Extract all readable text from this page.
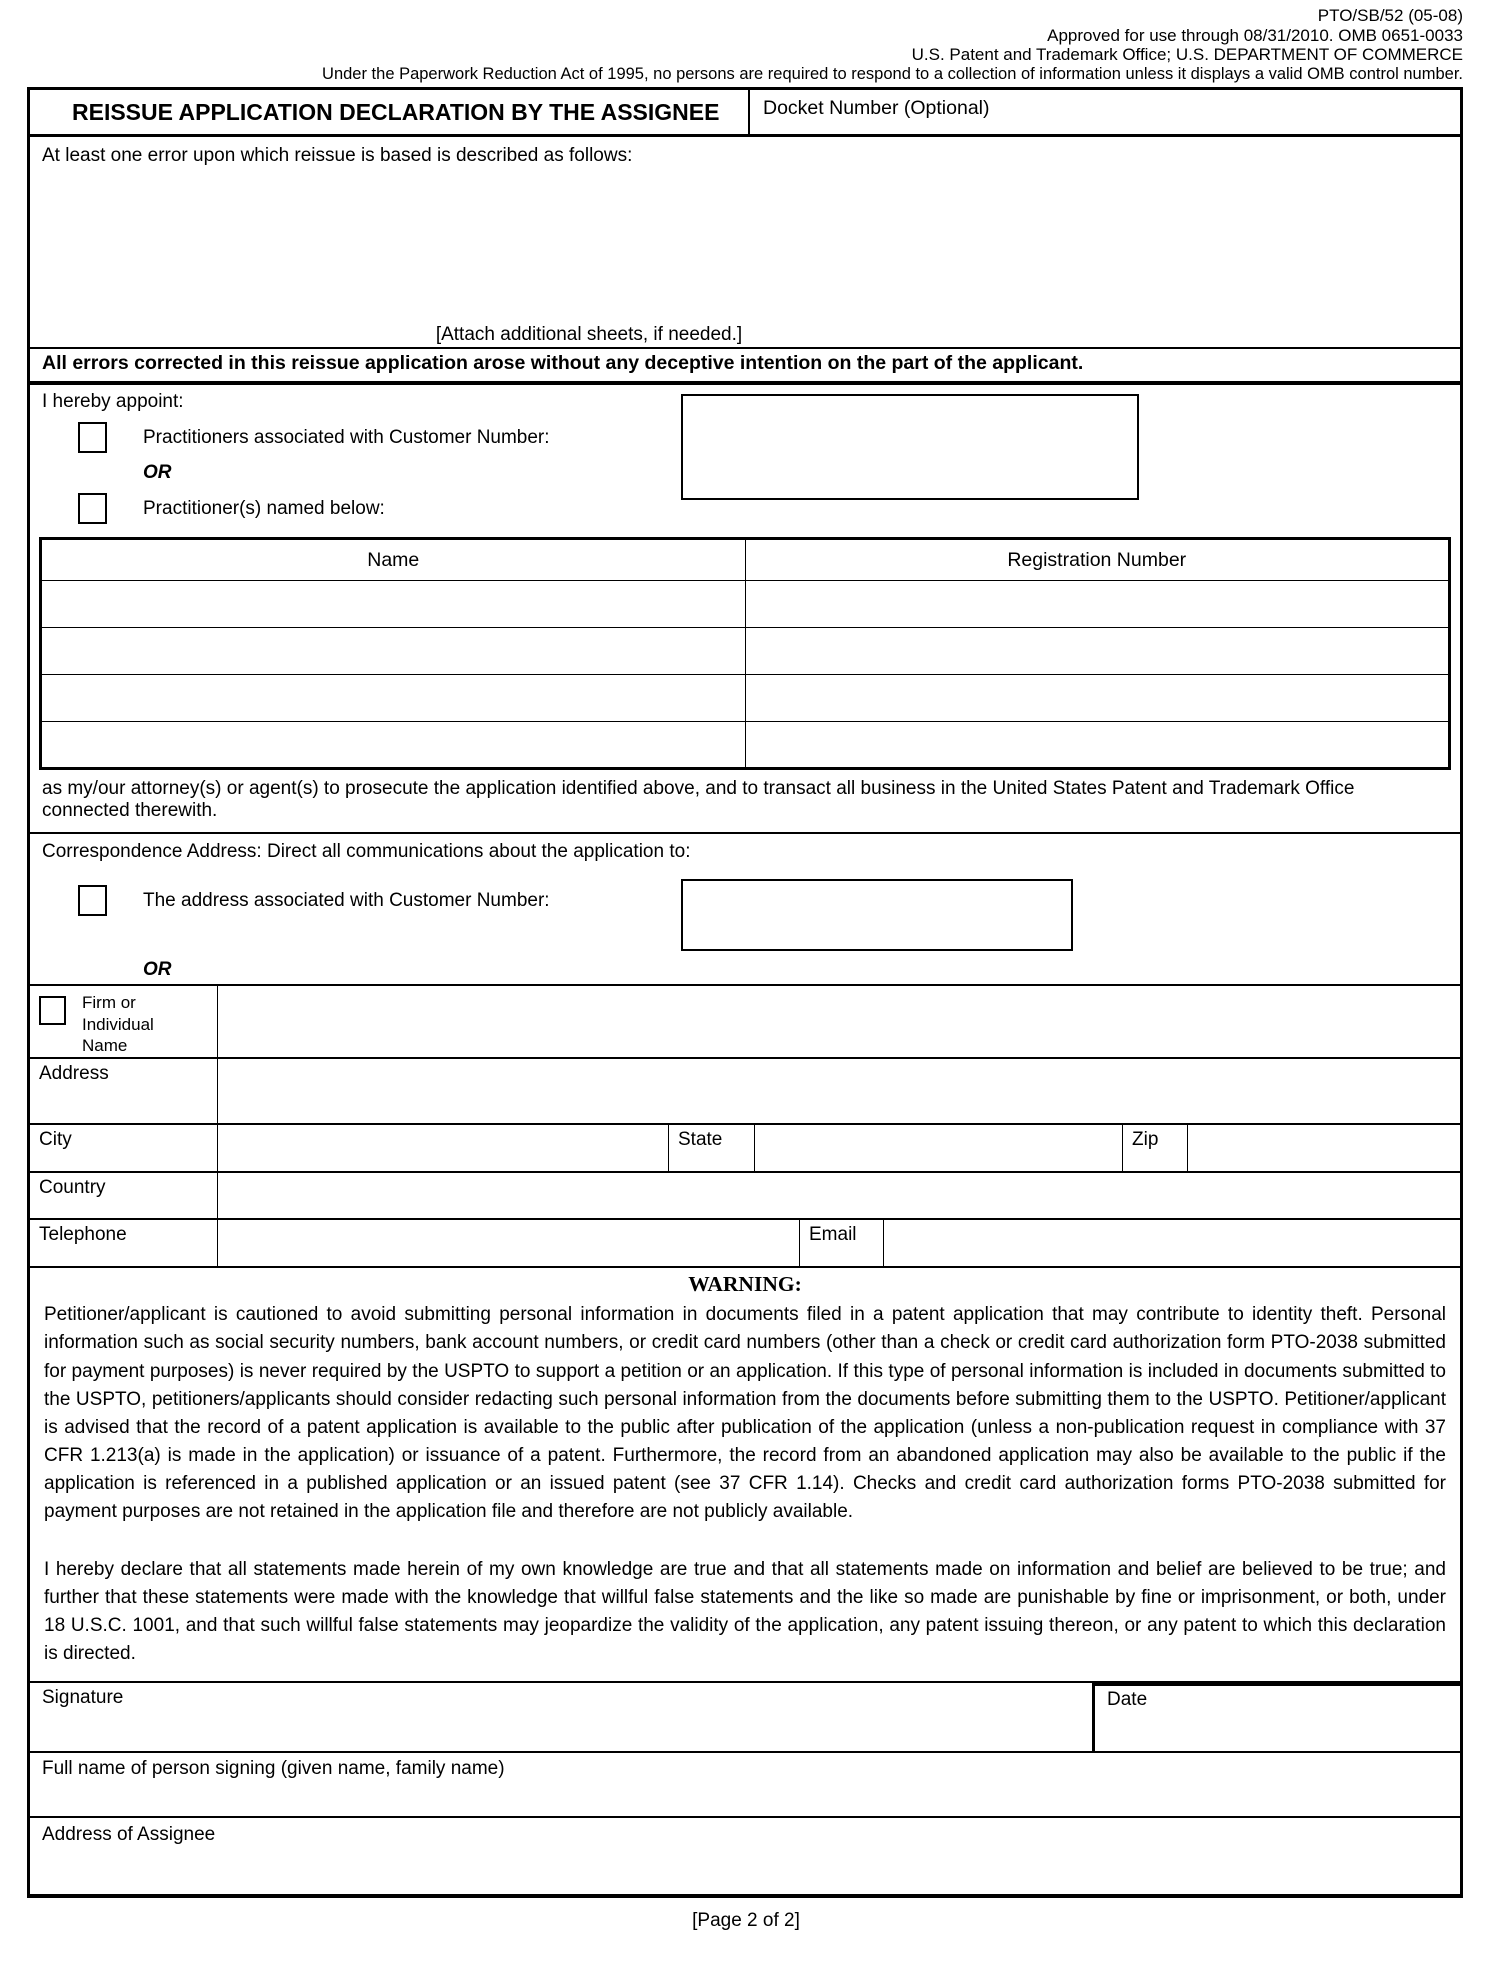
PTO/SB/52 (05-08)
Approved for use through 08/31/2010. OMB 0651-0033
U.S. Patent and Trademark Office; U.S. DEPARTMENT OF COMMERCE
Under the Paperwork Reduction Act of 1995, no persons are required to respond to a collection of information unless it displays a valid OMB control number.
REISSUE APPLICATION DECLARATION BY THE ASSIGNEE	Docket Number (Optional)
At least one error upon which reissue is based is described as follows:
[Attach additional sheets, if needed.]
All errors corrected in this reissue application arose without any deceptive intention on the part of the applicant.
I hereby appoint:
Practitioners associated with Customer Number:
OR
Practitioner(s) named below:
Name	Registration Number

as my/our attorney(s) or agent(s) to prosecute the application identified above, and to transact all business in the United States Patent and Trademark Office connected therewith.
Correspondence Address: Direct all communications about the application to:
The address associated with Customer Number:
OR
Firm or
Individual
Name
Address
City	State	Zip
Country
Telephone	Email
WARNING:
Petitioner/applicant is cautioned to avoid submitting personal information in documents filed in a patent application that may contribute to identity theft. Personal information such as social security numbers, bank account numbers, or credit card numbers (other than a check or credit card authorization form PTO-2038 submitted for payment purposes) is never required by the USPTO to support a petition or an application. If this type of personal information is included in documents submitted to the USPTO, petitioners/applicants should consider redacting such personal information from the documents before submitting them to the USPTO. Petitioner/applicant is advised that the record of a patent application is available to the public after publication of the application (unless a non-publication request in compliance with 37 CFR 1.213(a) is made in the application) or issuance of a patent. Furthermore, the record from an abandoned application may also be available to the public if the application is referenced in a published application or an issued patent (see 37 CFR 1.14). Checks and credit card authorization forms PTO-2038 submitted for payment purposes are not retained in the application file and therefore are not publicly available.
I hereby declare that all statements made herein of my own knowledge are true and that all statements made on information and belief are believed to be true; and further that these statements were made with the knowledge that willful false statements and the like so made are punishable by fine or imprisonment, or both, under 18 U.S.C. 1001, and that such willful false statements may jeopardize the validity of the application, any patent issuing thereon, or any patent to which this declaration is directed.
Signature	Date
Full name of person signing (given name, family name)
Address of Assignee
[Page 2 of 2]
